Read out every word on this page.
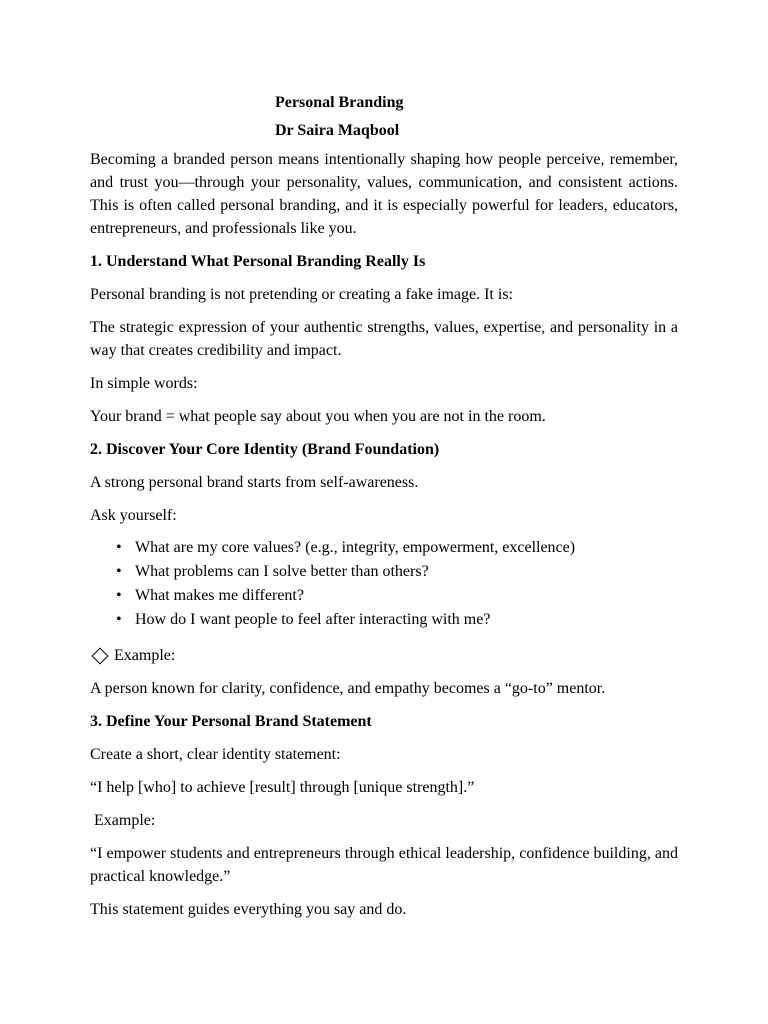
Personal Branding

Dr Saira Maqbool

Becoming a branded person means intentionally shaping how people perceive, remember, and trust you—through your personality, values, communication, and consistent actions. This is often called personal branding, and it is especially powerful for leaders, educators, entrepreneurs, and professionals like you.

1. Understand What Personal Branding Really Is

Personal branding is not pretending or creating a fake image. It is:

The strategic expression of your authentic strengths, values, expertise, and personality in a way that creates credibility and impact.

In simple words:

Your brand = what people say about you when you are not in the room.

2. Discover Your Core Identity (Brand Foundation)

A strong personal brand starts from self-awareness.

Ask yourself:

• What are my core values? (e.g., integrity, empowerment, excellence)
• What problems can I solve better than others?
• What makes me different?
• How do I want people to feel after interacting with me?

Example:

A person known for clarity, confidence, and empathy becomes a “go-to” mentor.

3. Define Your Personal Brand Statement

Create a short, clear identity statement:

“I help [who] to achieve [result] through [unique strength].”

Example:

“I empower students and entrepreneurs through ethical leadership, confidence building, and practical knowledge.”

This statement guides everything you say and do.
